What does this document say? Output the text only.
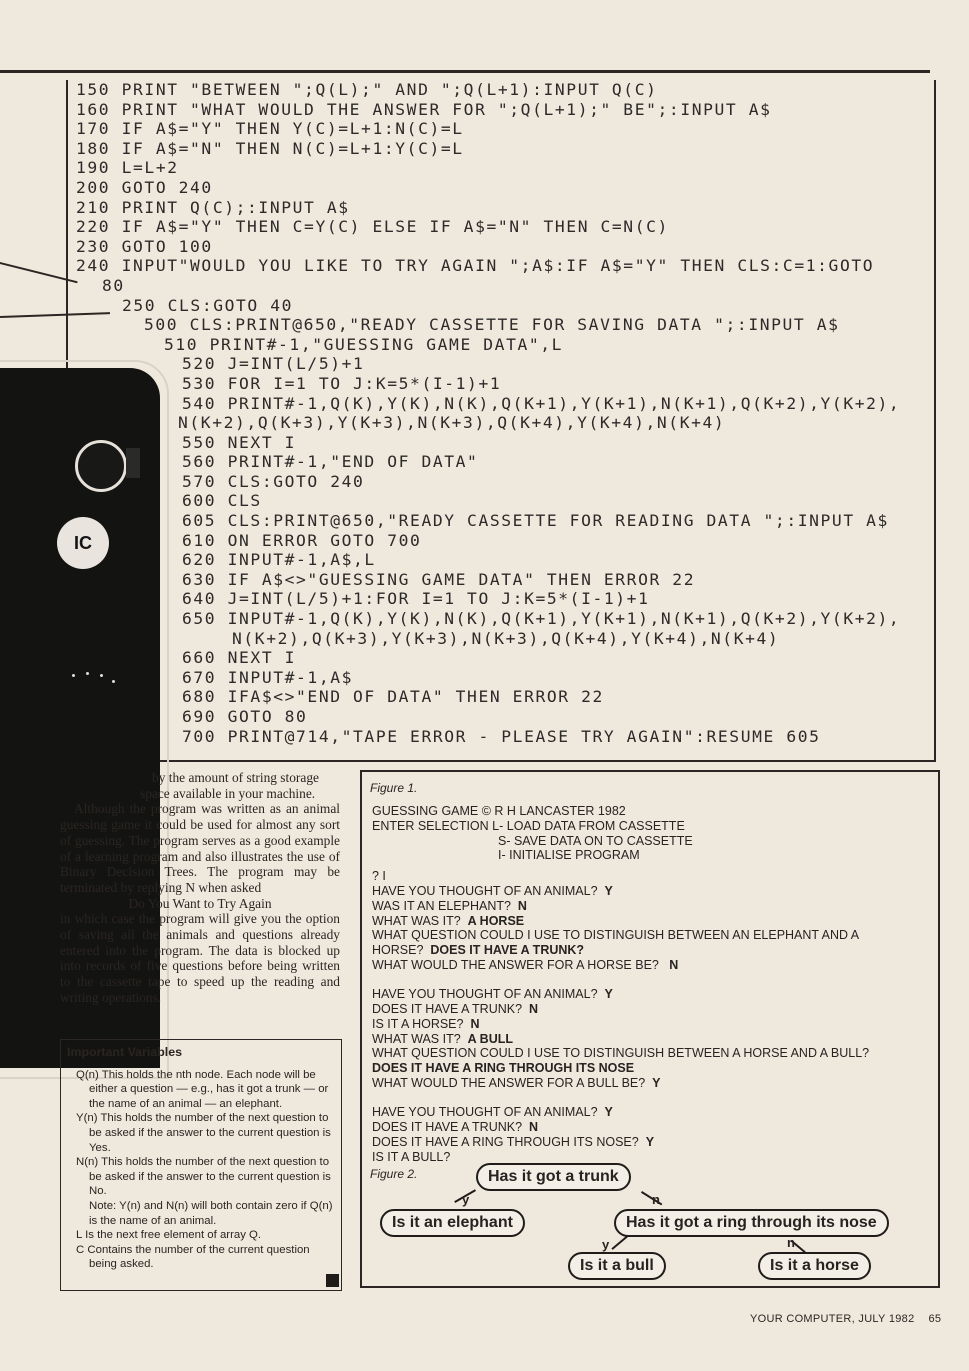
150 PRINT "BETWEEN ";Q(L);" AND ";Q(L+1):INPUT Q(C)
160 PRINT "WHAT WOULD THE ANSWER FOR ";Q(L+1);" BE";:INPUT A$
170 IF A$="Y" THEN Y(C)=L+1:N(C)=L
180 IF A$="N" THEN N(C)=L+1:Y(C)=L
190 L=L+2
200 GOTO 240
210 PRINT Q(C);:INPUT A$
220 IF A$="Y" THEN C=Y(C) ELSE IF A$="N" THEN C=N(C)
230 GOTO 100
240 INPUT"WOULD YOU LIKE TO TRY AGAIN ";A$:IF A$="Y" THEN CLS:C=1:GOTO
80
250 CLS:GOTO 40
500 CLS:PRINT@650,"READY CASSETTE FOR SAVING DATA ";:INPUT A$
510 PRINT#-1,"GUESSING GAME DATA",L
520 J=INT(L/5)+1
530 FOR I=1 TO J:K=5*(I-1)+1
540 PRINT#-1,Q(K),Y(K),N(K),Q(K+1),Y(K+1),N(K+1),Q(K+2),Y(K+2),
N(K+2),Q(K+3),Y(K+3),N(K+3),Q(K+4),Y(K+4),N(K+4)
550 NEXT I
560 PRINT#-1,"END OF DATA"
570 CLS:GOTO 240
600 CLS
605 CLS:PRINT@650,"READY CASSETTE FOR READING DATA ";:INPUT A$
610 ON ERROR GOTO 700
620 INPUT#-1,A$,L
630 IF A$<>"GUESSING GAME DATA" THEN ERROR 22
640 J=INT(L/5)+1:FOR I=1 TO J:K=5*(I-1)+1
650 INPUT#-1,Q(K),Y(K),N(K),Q(K+1),Y(K+1),N(K+1),Q(K+2),Y(K+2),
N(K+2),Q(K+3),Y(K+3),N(K+3),Q(K+4),Y(K+4),N(K+4)
660 NEXT I
670 INPUT#-1,A$
680 IFA$<>"END OF DATA" THEN ERROR 22
690 GOTO 80
700 PRINT@714,"TAPE ERROR - PLEASE TRY AGAIN":RESUME 605
IC

by the amount of string storage

space available in your machine.

Although the program was written as an animal guessing game it could be used for almost any sort of guessing. The program serves as a good example of a learning program and also illustrates the use of Binary Decision Trees. The program may be terminated by replying N when asked

Do You Want to Try Again

in which case the program will give you the option of saving all the animals and questions already entered into the program. The data is blocked up into records of five questions before being written to the cassette tape to speed up the reading and writing operations.

Important Variables
Q(n) This holds the nth node. Each node will be either a question — e.g., has it got a trunk — or the name of an animal — an elephant.
Y(n) This holds the number of the next question to be asked if the answer to the current question is Yes.
N(n) This holds the number of the next question to be asked if the answer to the current question is No.
Note: Y(n) and N(n) will both contain zero if Q(n) is the name of an animal.
L Is the next free element of array Q.
C Contains the number of the current question being asked.
Figure 1.
GUESSING GAME © R H LANCASTER 1982
ENTER SELECTION L- LOAD DATA FROM CASSETTE
S- SAVE DATA ON TO CASSETTE
I- INITIALISE PROGRAM
? I
HAVE YOU THOUGHT OF AN ANIMAL? Y
WAS IT AN ELEPHANT? N
WHAT WAS IT? A HORSE
WHAT QUESTION COULD I USE TO DISTINGUISH BETWEEN AN ELEPHANT AND A
HORSE? DOES IT HAVE A TRUNK?
WHAT WOULD THE ANSWER FOR A HORSE BE? N
HAVE YOU THOUGHT OF AN ANIMAL? Y
DOES IT HAVE A TRUNK? N
IS IT A HORSE? N
WHAT WAS IT? A BULL
WHAT QUESTION COULD I USE TO DISTINGUISH BETWEEN A HORSE AND A BULL?
DOES IT HAVE A RING THROUGH ITS NOSE
WHAT WOULD THE ANSWER FOR A BULL BE? Y
HAVE YOU THOUGHT OF AN ANIMAL? Y
DOES IT HAVE A TRUNK? N
DOES IT HAVE A RING THROUGH ITS NOSE? Y
IS IT A BULL?
Figure 2.	Has it got a trunk
Is it an elephant	Has it got a ring through its nose
Is it a bull	Is it a horse
y	n
y	n
YOUR COMPUTER, JULY 1982 65
